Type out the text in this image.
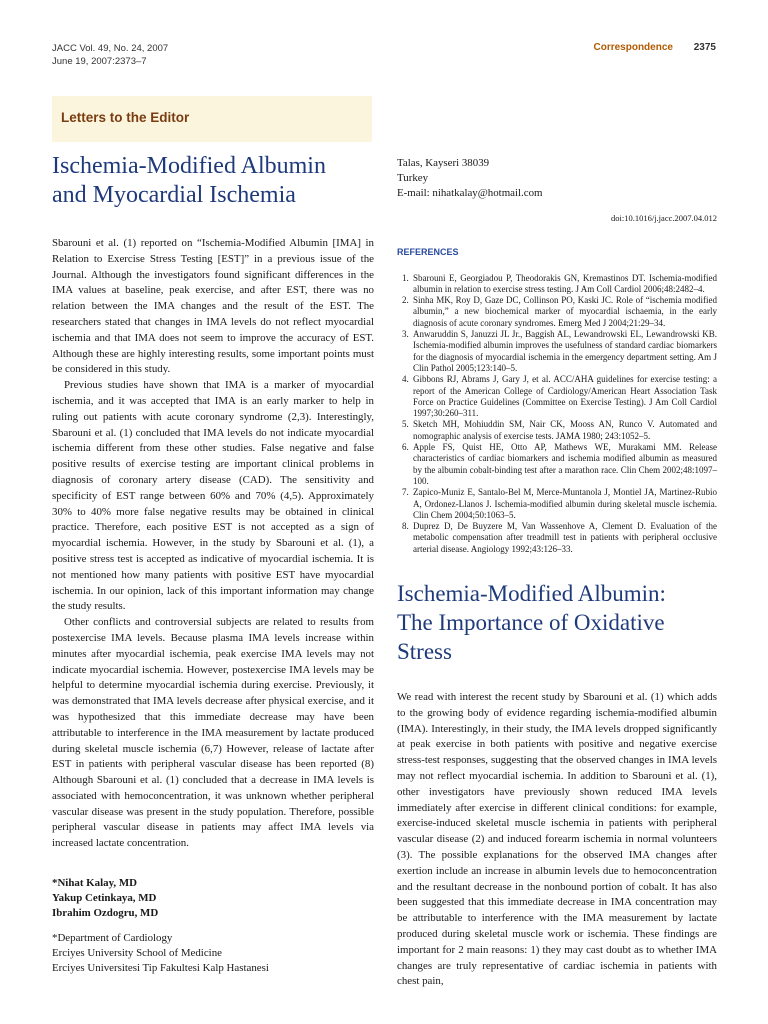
JACC Vol. 49, No. 24, 2007
June 19, 2007:2373–7
Correspondence 2375
Letters to the Editor
Ischemia-Modified Albumin
and Myocardial Ischemia

Sbarouni et al. (1) reported on “Ischemia-Modified Albumin [IMA] in Relation to Exercise Stress Testing [EST]” in a previous issue of the Journal. Although the investigators found significant differences in the IMA values at baseline, peak exercise, and after EST, there was no relation between the IMA changes and the result of the EST. The researchers stated that changes in IMA levels do not reflect myocardial ischemia and that IMA does not seem to improve the accuracy of EST. Although these are highly interesting results, some important points must be considered in this study.

Previous studies have shown that IMA is a marker of myocardial ischemia, and it was accepted that IMA is an early marker to help in ruling out patients with acute coronary syndrome (2,3). Interestingly, Sbarouni et al. (1) concluded that IMA levels do not indicate myocardial ischemia different from these other studies. False negative and false positive results of exercise testing are important clinical problems in diagnosis of coronary artery disease (CAD). The sensitivity and specificity of EST range between 60% and 70% (4,5). Approximately 30% to 40% more false negative results may be obtained in clinical practice. Therefore, each positive EST is not accepted as a sign of myocardial ischemia. However, in the study by Sbarouni et al. (1), a positive stress test is accepted as indicative of myocardial ischemia. It is not mentioned how many patients with positive EST have myocardial ischemia. In our opinion, lack of this important information may change the study results.

Other conflicts and controversial subjects are related to results from postexercise IMA levels. Because plasma IMA levels increase within minutes after myocardial ischemia, peak exercise IMA levels may not indicate myocardial ischemia. However, postexercise IMA levels may be helpful to determine myocardial ischemia during exercise. Previously, it was demonstrated that IMA levels decrease after physical exercise, and it was hypothesized that this immediate decrease may have been attributable to interference in the IMA measurement by lactate produced during skeletal muscle ischemia (6,7) However, release of lactate after EST in patients with peripheral vascular disease has been reported (8) Although Sbarouni et al. (1) concluded that a decrease in IMA levels is associated with hemoconcentration, it was unknown whether peripheral vascular disease was present in the study population. Therefore, possible peripheral vascular disease in patients may affect IMA levels via increased lactate concentration.

*Nihat Kalay, MD
Yakup Cetinkaya, MD
Ibrahim Ozdogru, MD
*Department of Cardiology
Erciyes University School of Medicine
Erciyes Universitesi Tip Fakultesi Kalp Hastanesi
Talas, Kayseri 38039
Turkey
E-mail: nihatkalay@hotmail.com
doi:10.1016/j.jacc.2007.04.012
REFERENCES
1. Sbarouni E, Georgiadou P, Theodorakis GN, Kremastinos DT. Ischemia-modified albumin in relation to exercise stress testing. J Am Coll Cardiol 2006;48:2482–4.
2. Sinha MK, Roy D, Gaze DC, Collinson PO, Kaski JC. Role of “ischemia modified albumin,” a new biochemical marker of myocardial ischaemia, in the early diagnosis of acute coronary syndromes. Emerg Med J 2004;21:29–34.
3. Anwaruddin S, Januzzi JL Jr., Baggish AL, Lewandrowski EL, Lewandrowski KB. Ischemia-modified albumin improves the usefulness of standard cardiac biomarkers for the diagnosis of myocardial ischemia in the emergency department setting. Am J Clin Pathol 2005;123:140–5.
4. Gibbons RJ, Abrams J, Gary J, et al. ACC/AHA guidelines for exercise testing: a report of the American College of Cardiology/American Heart Association Task Force on Practice Guidelines (Committee on Exercise Testing). J Am Coll Cardiol 1997;30:260–311.
5. Sketch MH, Mohiuddin SM, Nair CK, Mooss AN, Runco V. Automated and nomographic analysis of exercise tests. JAMA 1980; 243:1052–5.
6. Apple FS, Quist HE, Otto AP, Mathews WE, Murakami MM. Release characteristics of cardiac biomarkers and ischemia modified albumin as measured by the albumin cobalt-binding test after a marathon race. Clin Chem 2002;48:1097–100.
7. Zapico-Muniz E, Santalo-Bel M, Merce-Muntanola J, Montiel JA, Martinez-Rubio A, Ordonez-Llanos J. Ischemia-modified albumin during skeletal muscle ischemia. Clin Chem 2004;50:1063–5.
8. Duprez D, De Buyzere M, Van Wassenhove A, Clement D. Evaluation of the metabolic compensation after treadmill test in patients with peripheral occlusive arterial disease. Angiology 1992;43:126–33.
Ischemia-Modified Albumin:
The Importance of Oxidative Stress

We read with interest the recent study by Sbarouni et al. (1) which adds to the growing body of evidence regarding ischemia-modified albumin (IMA). Interestingly, in their study, the IMA levels dropped significantly at peak exercise in both patients with positive and negative exercise stress-test responses, suggesting that the observed changes in IMA levels may not reflect myocardial ischemia. In addition to Sbarouni et al. (1), other investigators have previously shown reduced IMA levels immediately after exercise in different clinical conditions: for example, exercise-induced skeletal muscle ischemia in patients with peripheral vascular disease (2) and induced forearm ischemia in normal volunteers (3). The possible explanations for the observed IMA changes after exertion include an increase in albumin levels due to hemoconcentration and the resultant decrease in the nonbound portion of cobalt. It has also been suggested that this immediate decrease in IMA concentration may be attributable to interference with the IMA measurement by lactate produced during skeletal muscle work or ischemia. These findings are important for 2 main reasons: 1) they may cast doubt as to whether IMA changes are truly representative of cardiac ischemia in patients with chest pain,
